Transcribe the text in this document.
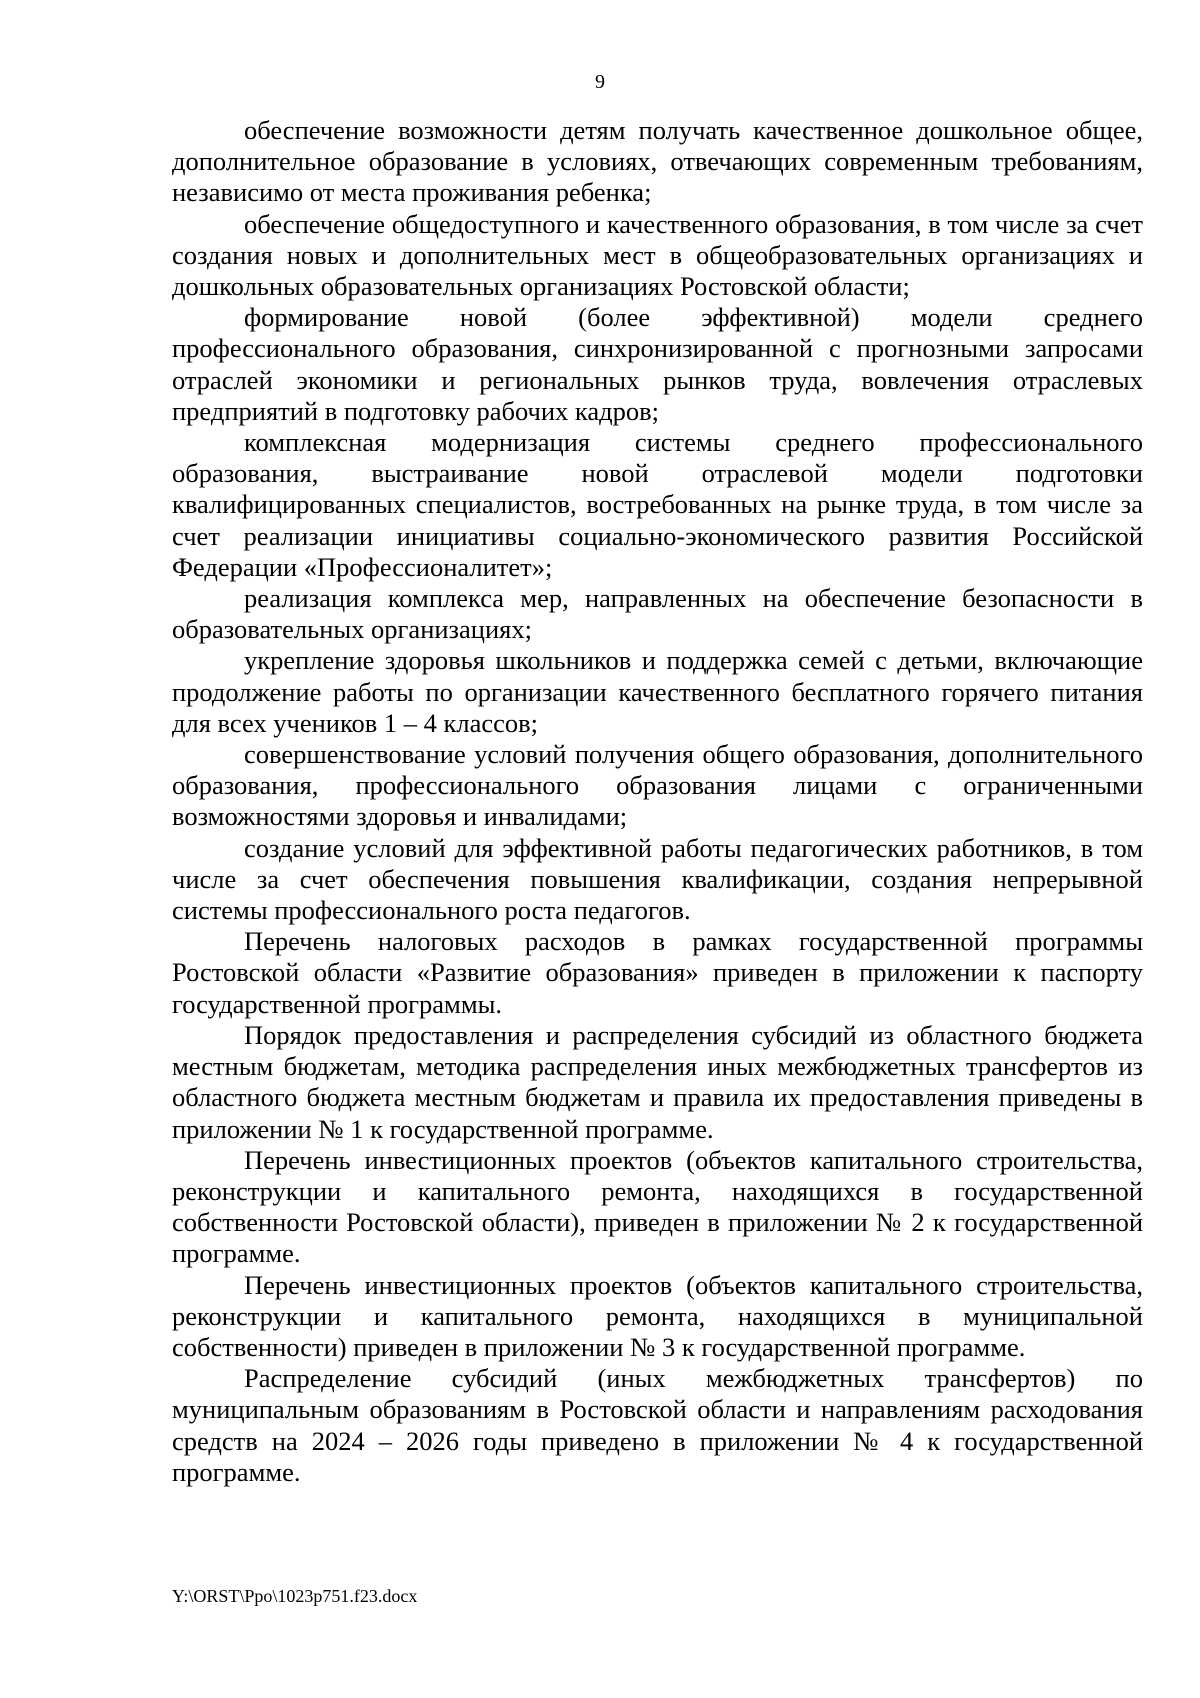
9

обеспечение возможности детям получать качественное дошкольное общее, дополнительное образование в условиях, отвечающих современным требованиям, независимо от места проживания ребенка;

обеспечение общедоступного и качественного образования, в том числе за счет создания новых и дополнительных мест в общеобразовательных организациях и дошкольных образовательных организациях Ростовской области;

формирование новой (более эффективной) модели среднего профессионального образования, синхронизированной с прогнозными запросами отраслей экономики и региональных рынков труда, вовлечения отраслевых предприятий в подготовку рабочих кадров;

комплексная модернизация системы среднего профессионального образования, выстраивание новой отраслевой модели подготовки квалифицированных специалистов, востребованных на рынке труда, в том числе за счет реализации инициативы социально-экономического развития Российской Федерации «Профессионалитет»;

реализация комплекса мер, направленных на обеспечение безопасности в образовательных организациях;

укрепление здоровья школьников и поддержка семей с детьми, включающие продолжение работы по организации качественного бесплатного горячего питания для всех учеников 1 – 4 классов;

совершенствование условий получения общего образования, дополнительного образования, профессионального образования лицами с ограниченными возможностями здоровья и инвалидами;

создание условий для эффективной работы педагогических работников, в том числе за счет обеспечения повышения квалификации, создания непрерывной системы профессионального роста педагогов.

Перечень налоговых расходов в рамках государственной программы Ростовской области «Развитие образования» приведен в приложении к паспорту государственной программы.

Порядок предоставления и распределения субсидий из областного бюджета местным бюджетам, методика распределения иных межбюджетных трансфертов из областного бюджета местным бюджетам и правила их предоставления приведены в приложении № 1 к государственной программе.

Перечень инвестиционных проектов (объектов капитального строительства, реконструкции и капитального ремонта, находящихся в государственной собственности Ростовской области), приведен в приложении № 2 к государственной программе.

Перечень инвестиционных проектов (объектов капитального строительства, реконструкции и капитального ремонта, находящихся в муниципальной собственности) приведен в приложении № 3 к государственной программе.

Распределение субсидий (иных межбюджетных трансфертов) по муниципальным образованиям в Ростовской области и направлениям расходования средств на 2024 – 2026 годы приведено в приложении № 4 к государственной программе.

Y:\ORST\Ppo\1023p751.f23.docx
